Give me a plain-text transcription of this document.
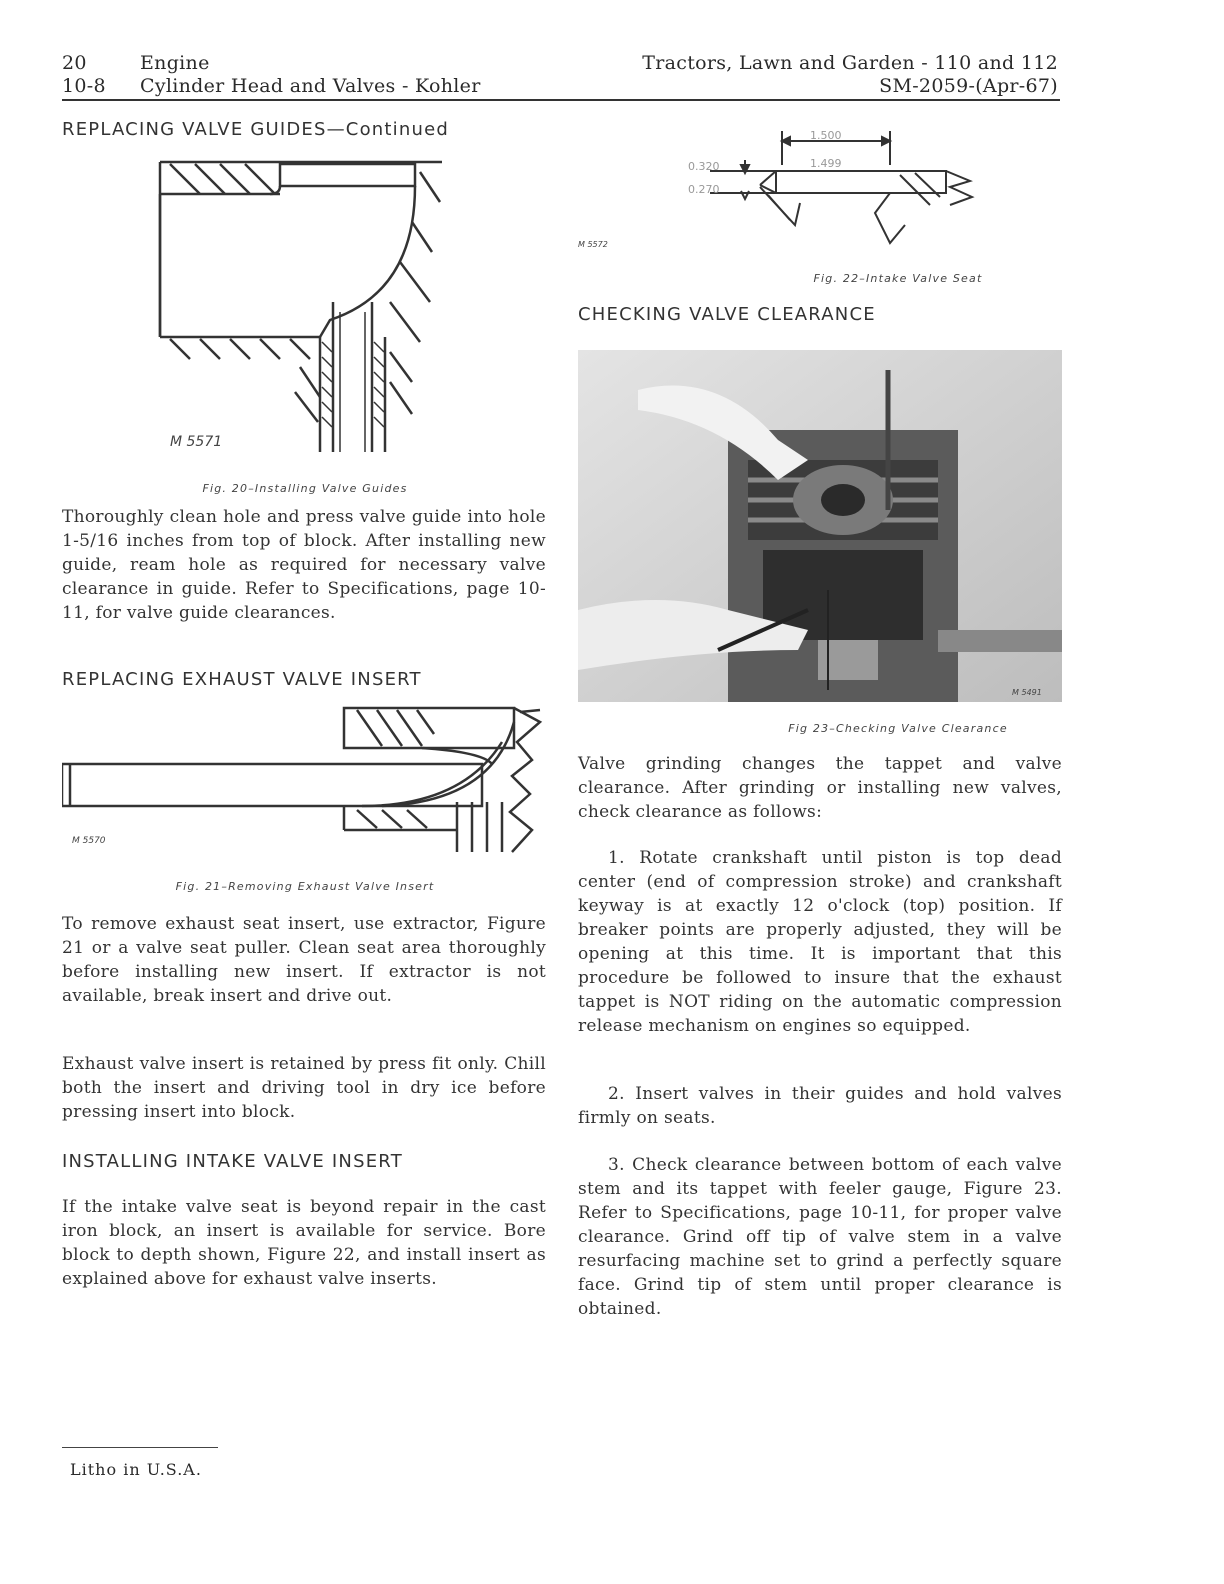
20
10-8
Engine
Cylinder Head and Valves - Kohler
Tractors, Lawn and Garden - 110 and 112
SM-2059-(Apr-67)
REPLACING VALVE GUIDES—Continued
M 5571
Fig. 20–Installing Valve Guides
Thoroughly clean hole and press valve guide into hole 1-5/16 inches from top of block. After installing new guide, ream hole as required for necessary valve clearance in guide. Refer to Specifications, page 10-11, for valve guide clearances.
REPLACING EXHAUST VALVE INSERT
M 5570
Fig. 21–Removing Exhaust Valve Insert
To remove exhaust seat insert, use extractor, Figure 21 or a valve seat puller. Clean seat area thoroughly before installing new insert. If extractor is not available, break insert and drive out.
Exhaust valve insert is retained by press fit only. Chill both the insert and driving tool in dry ice before pressing insert into block.
INSTALLING INTAKE VALVE INSERT
If the intake valve seat is beyond repair in the cast iron block, an insert is available for service. Bore block to depth shown, Figure 22, and install insert as explained above for exhaust valve inserts.
1.500
1.499
0.320
0.270
M 5572
Fig. 22–Intake Valve Seat
CHECKING VALVE CLEARANCE
M 5491
Fig 23–Checking Valve Clearance
Valve grinding changes the tappet and valve clearance. After grinding or installing new valves, check clearance as follows:
1. Rotate crankshaft until piston is top dead center (end of compression stroke) and crankshaft keyway is at exactly 12 o'clock (top) position. If breaker points are properly adjusted, they will be opening at this time. It is important that this procedure be followed to insure that the exhaust tappet is NOT riding on the automatic compression release mechanism on engines so equipped.
2. Insert valves in their guides and hold valves firmly on seats.
3. Check clearance between bottom of each valve stem and its tappet with feeler gauge, Figure 23. Refer to Specifications, page 10-11, for proper valve clearance. Grind off tip of valve stem in a valve resurfacing machine set to grind a perfectly square face. Grind tip of stem until proper clearance is obtained.
Litho in U.S.A.
